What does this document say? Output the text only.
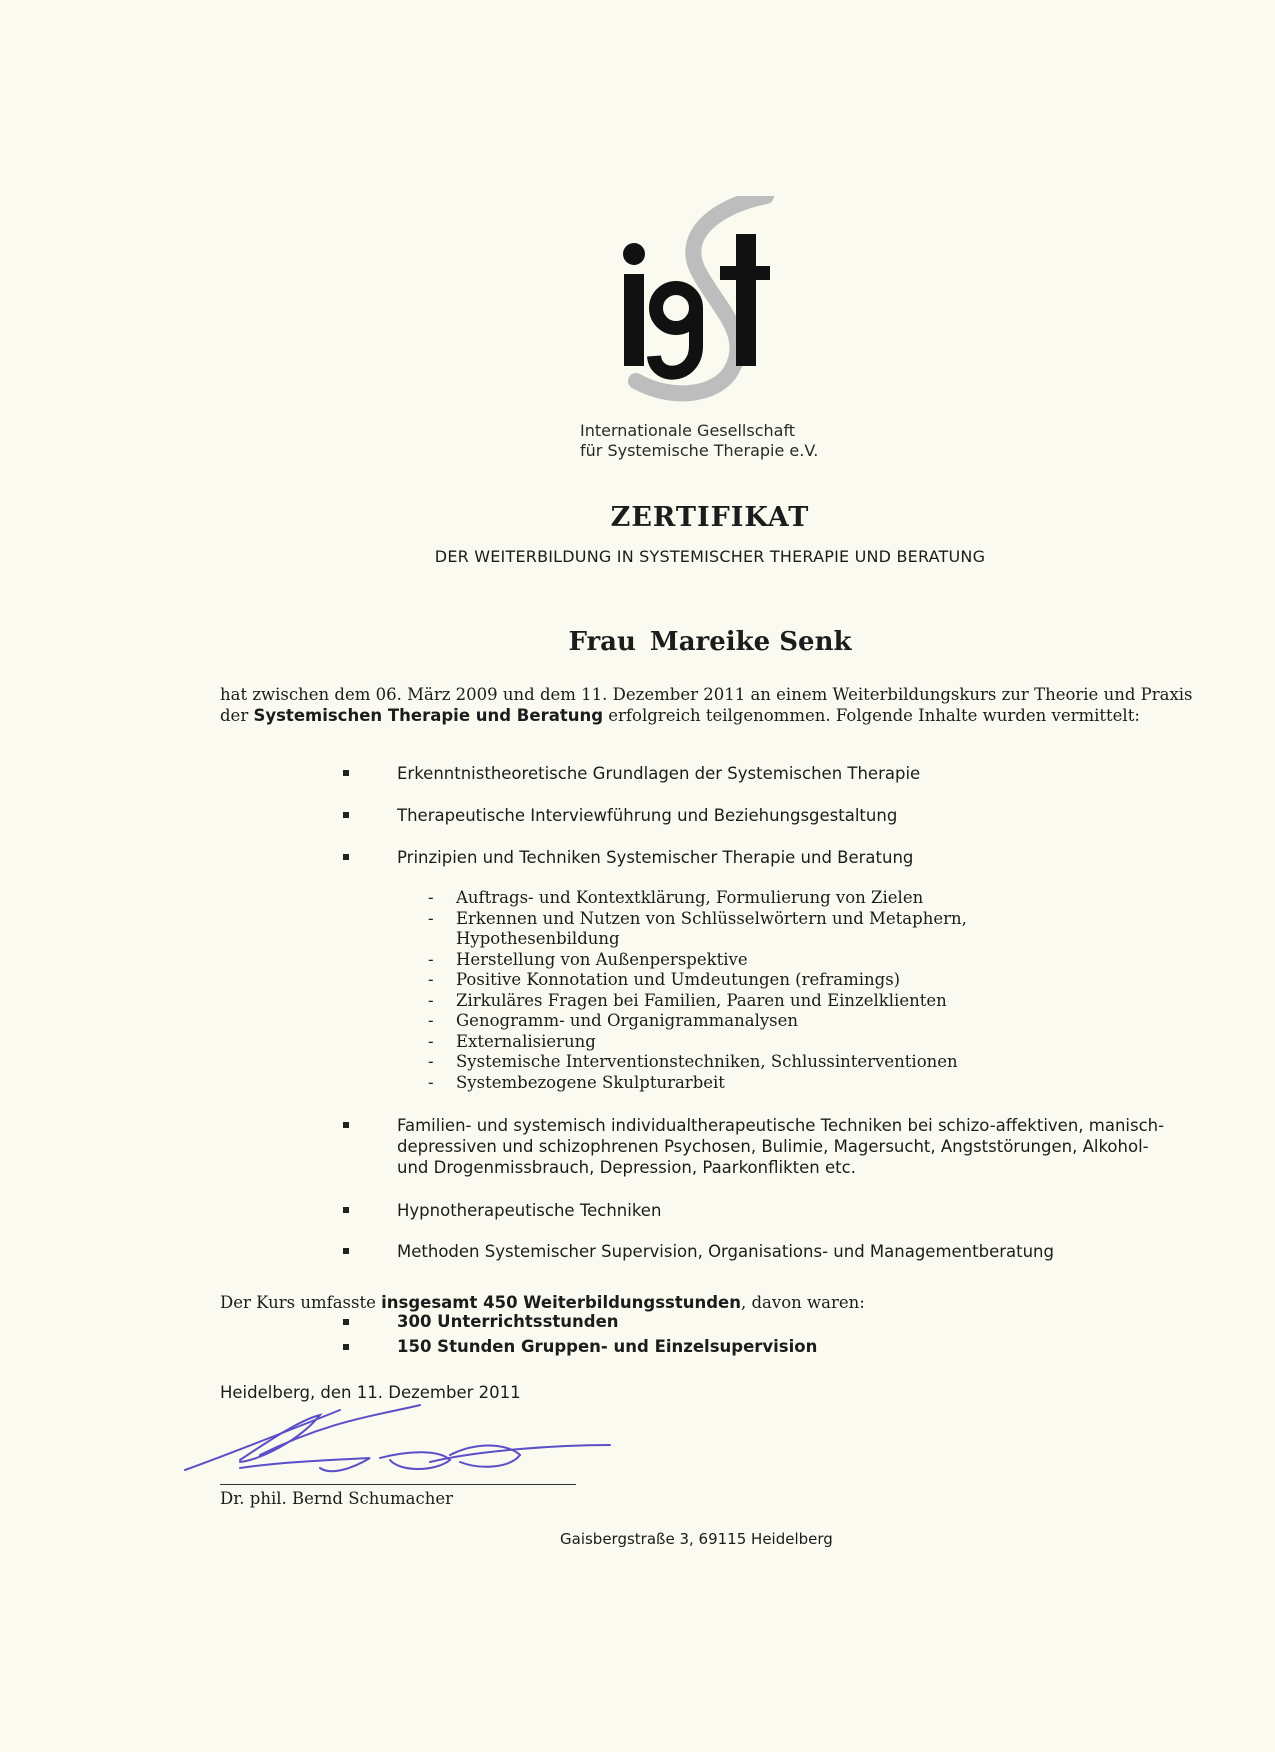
Internationale Gesellschaft
für Systemische Therapie e.V.
ZERTIFIKAT
DER WEITERBILDUNG IN SYSTEMISCHER THERAPIE UND BERATUNG
Frau Mareike Senk
hat zwischen dem 06. März 2009 und dem 11. Dezember 2011 an einem Weiterbildungskurs zur Theorie und Praxis der Systemischen Therapie und Beratung erfolgreich teilgenommen. Folgende Inhalte wurden vermittelt:
Erkenntnistheoretische Grundlagen der Systemischen Therapie
Therapeutische Interviewführung und Beziehungsgestaltung
Prinzipien und Techniken Systemischer Therapie und Beratung
- Auftrags- und Kontextklärung, Formulierung von Zielen
- Erkennen und Nutzen von Schlüsselwörtern und Metaphern, Hypothesenbildung
- Herstellung von Außenperspektive
- Positive Konnotation und Umdeutungen (reframings)
- Zirkuläres Fragen bei Familien, Paaren und Einzelklienten
- Genogramm- und Organigrammanalysen
- Externalisierung
- Systemische Interventionstechniken, Schlussinterventionen
- Systembezogene Skulpturarbeit
Familien- und systemisch individualtherapeutische Techniken bei schizo-affektiven, manisch-depressiven und schizophrenen Psychosen, Bulimie, Magersucht, Angststörungen, Alkohol- und Drogenmissbrauch, Depression, Paarkonflikten etc.
Hypnotherapeutische Techniken
Methoden Systemischer Supervision, Organisations- und Managementberatung
Der Kurs umfasste insgesamt 450 Weiterbildungsstunden, davon waren:
300 Unterrichtsstunden
150 Stunden Gruppen- und Einzelsupervision
Heidelberg, den 11. Dezember 2011
Dr. phil. Bernd Schumacher
Gaisbergstraße 3, 69115 Heidelberg
